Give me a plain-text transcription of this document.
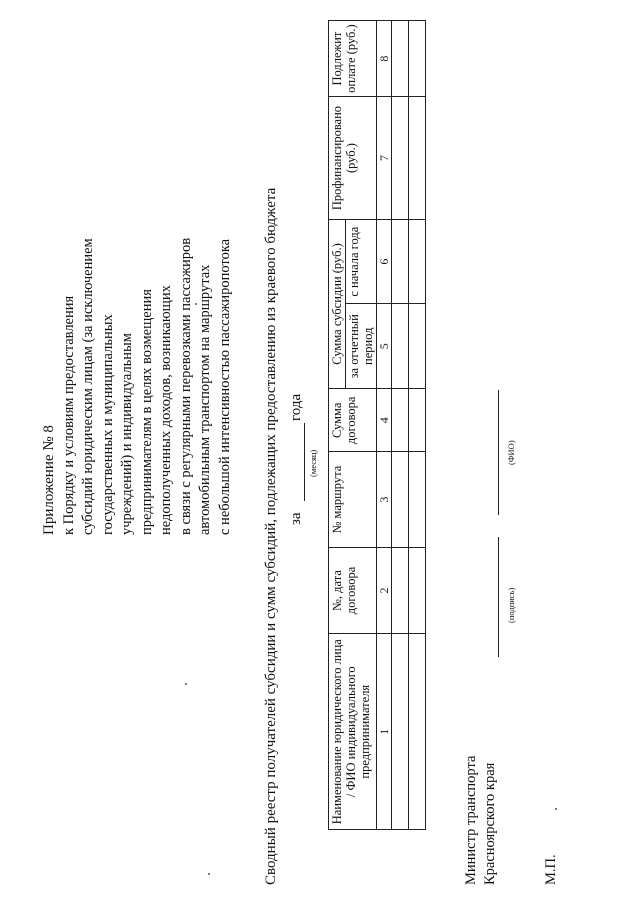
Приложение № 8 к Порядку и условиям предоставления
субсидий юридическим лицам (за исключением
государственных и муниципальных
учреждений) и индивидуальным
предпринимателям в целях возмещения
недополученных доходов, возникающих
в связи с регулярными перевозками пассажиров
автомобильным транспортом на маршрутах
с небольшой интенсивностью пассажиропотока Сводный реестр получателей субсидии и сумм субсидий, подлежащих предоставлению из краевого бюджета за
года
(месяц)
Наименование юридического лица / ФИО индивидуального предпринимателя	№, дата договора	№ маршрута	Сумма договора	Сумма субсидии (руб.)		Профинансировано (руб.)	Подлежит оплате (руб.)
				за отчетный период	с начала года		
1	2	3	4	5	6	7	8

Министр транспорта
Красноярского края
(подпись)
(ФИО)
М.П.
